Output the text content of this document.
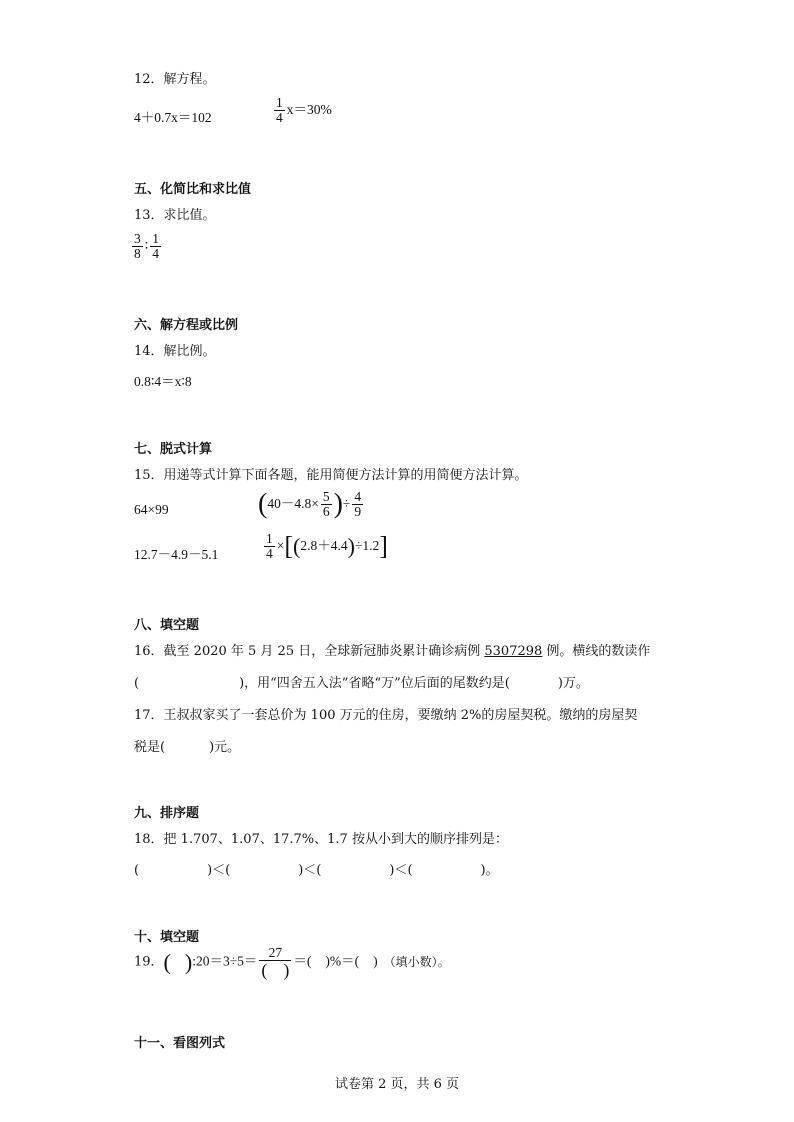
12．解方程。
4＋0.7x＝102	$\frac{1}{4} x=30\%$
五、化简比和求比值
13．求比值。
$\frac{3}{8}$ ∶ $\frac{1}{4}$
六、解方程或比例
14．解比例。
0.8∶4＝x∶8
七、脱式计算
15．用递等式计算下面各题，能用简便方法计算的用简便方法计算。
64×99	($40-4.8\times \frac{5}{6}$ )÷ $\frac{4}{9}$
12.7－4.9－5.1	$\frac{1}{4} \times[(2.8+4.4)\div 1.2]$
八、填空题
16．截至 2020 年 5 月 25 日，全球新冠肺炎累计确诊病例 5307298 例。横线的数读作
(	)，用“四舍五入法”省略“万”位后面的尾数约是(	)万。
17．王叔叔家买了一套总价为 100 万元的住房，要缴纳 2%的房屋契税。缴纳的房屋契
税是(	)元。
九、排序题
18．把 1.707、1.07、17.7%、1.7 按从小到大的顺序排列是：
(	)＜(	)＜(	)＜(	)。
十、填空题
19．( ):20＝3÷5＝ $\frac{27}{( )}$ ＝( )%＝( ) （填小数）。
十一、看图列式
试卷第 2 页，共 6 页
